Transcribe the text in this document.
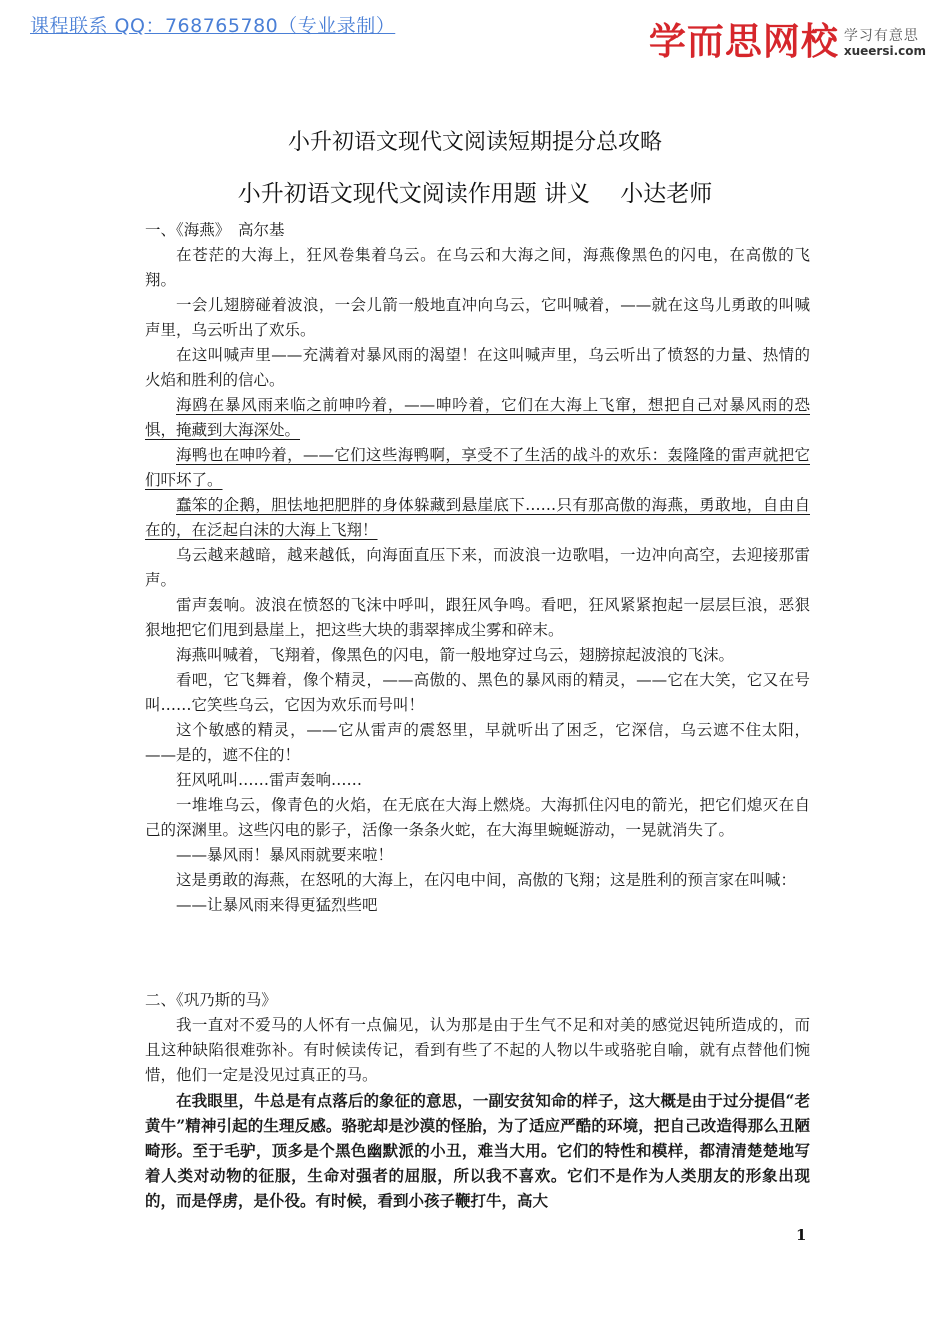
课程联系 QQ：768765780（专业录制）	学而思网校 学习有意思
xueersi.com
小升初语文现代文阅读短期提分总攻略
小升初语文现代文阅读作用题 讲义　 小达老师

一、《海燕》　高尔基

在苍茫的大海上，狂风卷集着乌云。在乌云和大海之间，海燕像黑色的闪电，在高傲的飞翔。

一会儿翅膀碰着波浪，一会儿箭一般地直冲向乌云，它叫喊着，——就在这鸟儿勇敢的叫喊声里，乌云听出了欢乐。

在这叫喊声里——充满着对暴风雨的渴望！在这叫喊声里，乌云听出了愤怒的力量、热情的火焰和胜利的信心。

海鸥在暴风雨来临之前呻吟着，——呻吟着，它们在大海上飞窜，想把自己对暴风雨的恐惧，掩藏到大海深处。

海鸭也在呻吟着，——它们这些海鸭啊，享受不了生活的战斗的欢乐：轰隆隆的雷声就把它们吓坏了。

蠢笨的企鹅，胆怯地把肥胖的身体躲藏到悬崖底下……只有那高傲的海燕，勇敢地，自由自在的，在泛起白沫的大海上飞翔！

乌云越来越暗，越来越低，向海面直压下来，而波浪一边歌唱，一边冲向高空，去迎接那雷声。

雷声轰响。波浪在愤怒的飞沫中呼叫，跟狂风争鸣。看吧，狂风紧紧抱起一层层巨浪，恶狠狠地把它们甩到悬崖上，把这些大块的翡翠摔成尘雾和碎末。

海燕叫喊着，飞翔着，像黑色的闪电，箭一般地穿过乌云，翅膀掠起波浪的飞沫。

看吧，它飞舞着，像个精灵，——高傲的、黑色的暴风雨的精灵，——它在大笑，它又在号叫……它笑些乌云，它因为欢乐而号叫！

这个敏感的精灵，——它从雷声的震怒里，早就听出了困乏，它深信，乌云遮不住太阳，——是的，遮不住的！

狂风吼叫……雷声轰响……

一堆堆乌云，像青色的火焰，在无底在大海上燃烧。大海抓住闪电的箭光，把它们熄灭在自己的深渊里。这些闪电的影子，活像一条条火蛇，在大海里蜿蜒游动，一晃就消失了。

——暴风雨！暴风雨就要来啦！

这是勇敢的海燕，在怒吼的大海上，在闪电中间，高傲的飞翔；这是胜利的预言家在叫喊：

——让暴风雨来得更猛烈些吧

二、《巩乃斯的马》

我一直对不爱马的人怀有一点偏见，认为那是由于生气不足和对美的感觉迟钝所造成的，而且这种缺陷很难弥补。有时候读传记，看到有些了不起的人物以牛或骆驼自喻，就有点替他们惋惜，他们一定是没见过真正的马。

在我眼里，牛总是有点落后的象征的意思，一副安贫知命的样子，这大概是由于过分提倡“老黄牛”精神引起的生理反感。骆驼却是沙漠的怪胎，为了适应严酷的环境，把自己改造得那么丑陋畸形。至于毛驴，顶多是个黑色幽默派的小丑，难当大用。它们的特性和模样，都清清楚楚地写着人类对动物的征服，生命对强者的屈服，所以我不喜欢。它们不是作为人类朋友的形象出现的，而是俘虏，是仆役。有时候，看到小孩子鞭打牛，高大

1
